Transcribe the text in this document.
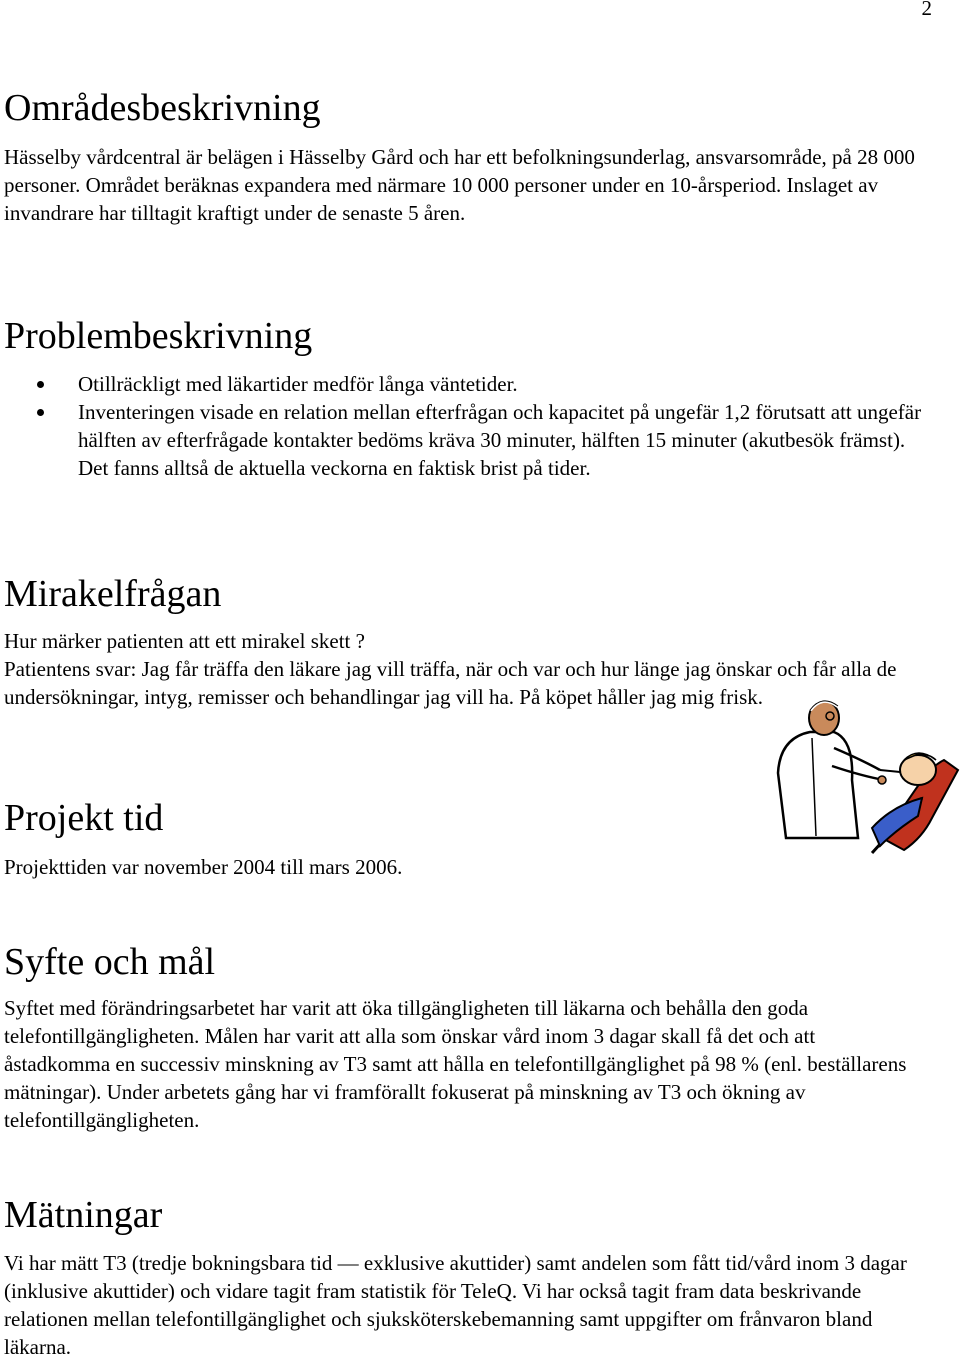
2
Områdesbeskrivning

Hässelby vårdcentral är belägen i Hässelby Gård och har ett befolkningsunderlag, ansvarsområde, på 28 000 personer. Området beräknas expandera med närmare 10 000 personer under en 10-årsperiod. Inslaget av invandrare har tilltagit kraftigt under de senaste 5 åren.

Problembeskrivning
Otillräckligt med läkartider medför långa väntetider.
Inventeringen visade en relation mellan efterfrågan och kapacitet på ungefär 1,2 förutsatt att ungefär hälften av efterfrågade kontakter bedöms kräva 30 minuter, hälften 15 minuter (akutbesök främst). Det fanns alltså de aktuella veckorna en faktisk brist på tider.
Mirakelfrågan

Hur märker patienten att ett mirakel skett ?

Patientens svar: Jag får träffa den läkare jag vill träffa, när och var och hur länge jag önskar och får alla de undersökningar, intyg, remisser och behandlingar jag vill ha. På köpet håller jag mig frisk.

Projekt tid

Projekttiden var november 2004 till mars 2006.

Syfte och mål

Syftet med förändringsarbetet har varit att öka tillgängligheten till läkarna och behålla den goda telefontillgängligheten. Målen har varit att alla som önskar vård inom 3 dagar skall få det och att åstadkomma en successiv minskning av T3 samt att hålla en telefontillgänglighet på 98 % (enl. beställarens mätningar). Under arbetets gång har vi framförallt fokuserat på minskning av T3 och ökning av telefontillgängligheten.

Mätningar

Vi har mätt T3 (tredje bokningsbara tid — exklusive akuttider) samt andelen som fått tid/vård inom 3 dagar (inklusive akuttider) och vidare tagit fram statistik för TeleQ. Vi har också tagit fram data beskrivande relationen mellan telefontillgänglighet och sjuksköterskebemanning samt uppgifter om frånvaron bland läkarna.
